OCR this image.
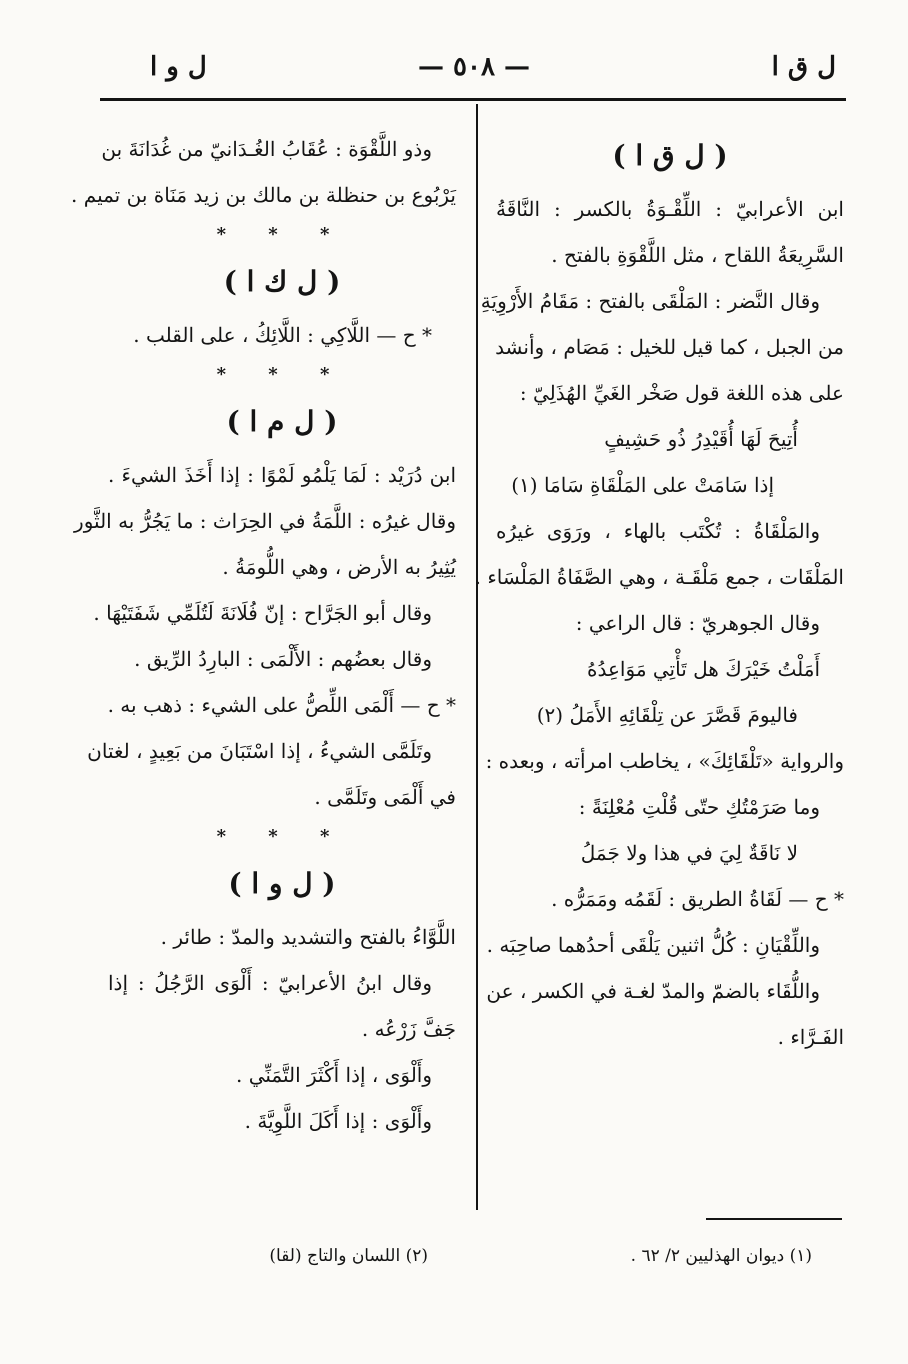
ل ق ا
— ٥٠٨ —
ل و ا
( ل ق ا )
ابن الأعرابيّ : اللِّقْـوَةُ بالكسر : النَّاقَةُ
السَّرِيعَةُ اللقاح ، مثل اللَّقْوَةِ بالفتح .
وقال النَّضر : المَلْقَى بالفتح : مَقَامُ الأَرْوِيَةِ
من الجبل ، كما قيل للخيل : مَصَام ، وأنشد
على هذه اللغة قول صَخْر الغَيِّ الهُذَلِيّ :
أُتِيحَ لَهَا أُقَيْدِرُ ذُو حَشِيفٍ
إذا سَامَتْ على المَلْقَاةِ سَامَا (١)
والمَلْقَاةُ : تُكْتَب بالهاء ، ورَوَى غيرُه
المَلْقَات ، جمع مَلْقَـة ، وهي الصَّفَاةُ المَلْسَاء .
وقال الجوهريّ : قال الراعي :
أَمَلْتُ خَيْرَكَ هل تَأْتِي مَوَاعِدُهُ
فاليومَ قَصَّرَ عن تِلْقَائِهِ الأَمَلُ (٢)
والرواية «تَلْقَائِكَ» ، يخاطب امرأته ، وبعده :
وما صَرَمْتُكِ حتّى قُلْتِ مُعْلِنَةً :
لا نَاقَةٌ لِيَ في هذا ولا جَمَلُ
* ح — لَقَاةُ الطريق : لَقَمُه ومَمَرُّه .
واللِّقْيَانِ : كُلُّ اثنين يَلْقَى أحدُهما صاحِبَه .
واللُّقَاء بالضمّ والمدّ لغـة في الكسر ، عن
الفَـرَّاء .
وذو اللَّقْوَة : عُقَابُ الغُـدَانيّ من غُدَانَةَ بن
يَرْبُوع بن حنظلة بن مالك بن زيد مَنَاة بن تميم .
* * *
( ل ك ا )
* ح — اللَّاكِي : اللَّائِكُ ، على القلب .
* * *
( ل م ا )
ابن دُرَيْد : لَمَا يَلْمُو لَمْوًا : إذا أَخَذَ الشيءَ .
وقال غيرُه : اللَّمَةُ في الحِرَاث : ما يَجُرُّ به الثَّور
يُثِيرُ به الأرض ، وهي اللُّومَةُ .
وقال أبو الجَرَّاح : إنّ فُلَانَةَ لَتُلَمِّي شَفَتَيْهَا .
وقال بعضُهم : الأَلْمَى : البارِدُ الرِّيق .
* ح — أَلْمَى اللِّصُّ على الشيء : ذهب به .
وتَلَمَّى الشيءُ ، إذا اسْتَبَانَ من بَعِيدٍ ، لغتان
في أَلْمَى وتَلَمَّى .
* * *
( ل و ا )
اللَّوَّاءُ بالفتح والتشديد والمدّ : طائر .
وقال ابنُ الأعرابيّ : أَلْوَى الرَّجُلُ : إذا
جَفَّ زَرْعُه .
وأَلْوَى ، إذا أَكْثَرَ التَّمَنِّي .
وأَلْوَى : إذا أَكَلَ اللَّوِيَّةَ .
(١) ديوان الهذليين ٢/ ٦٢ .
(٢) اللسان والتاج (لقا)
